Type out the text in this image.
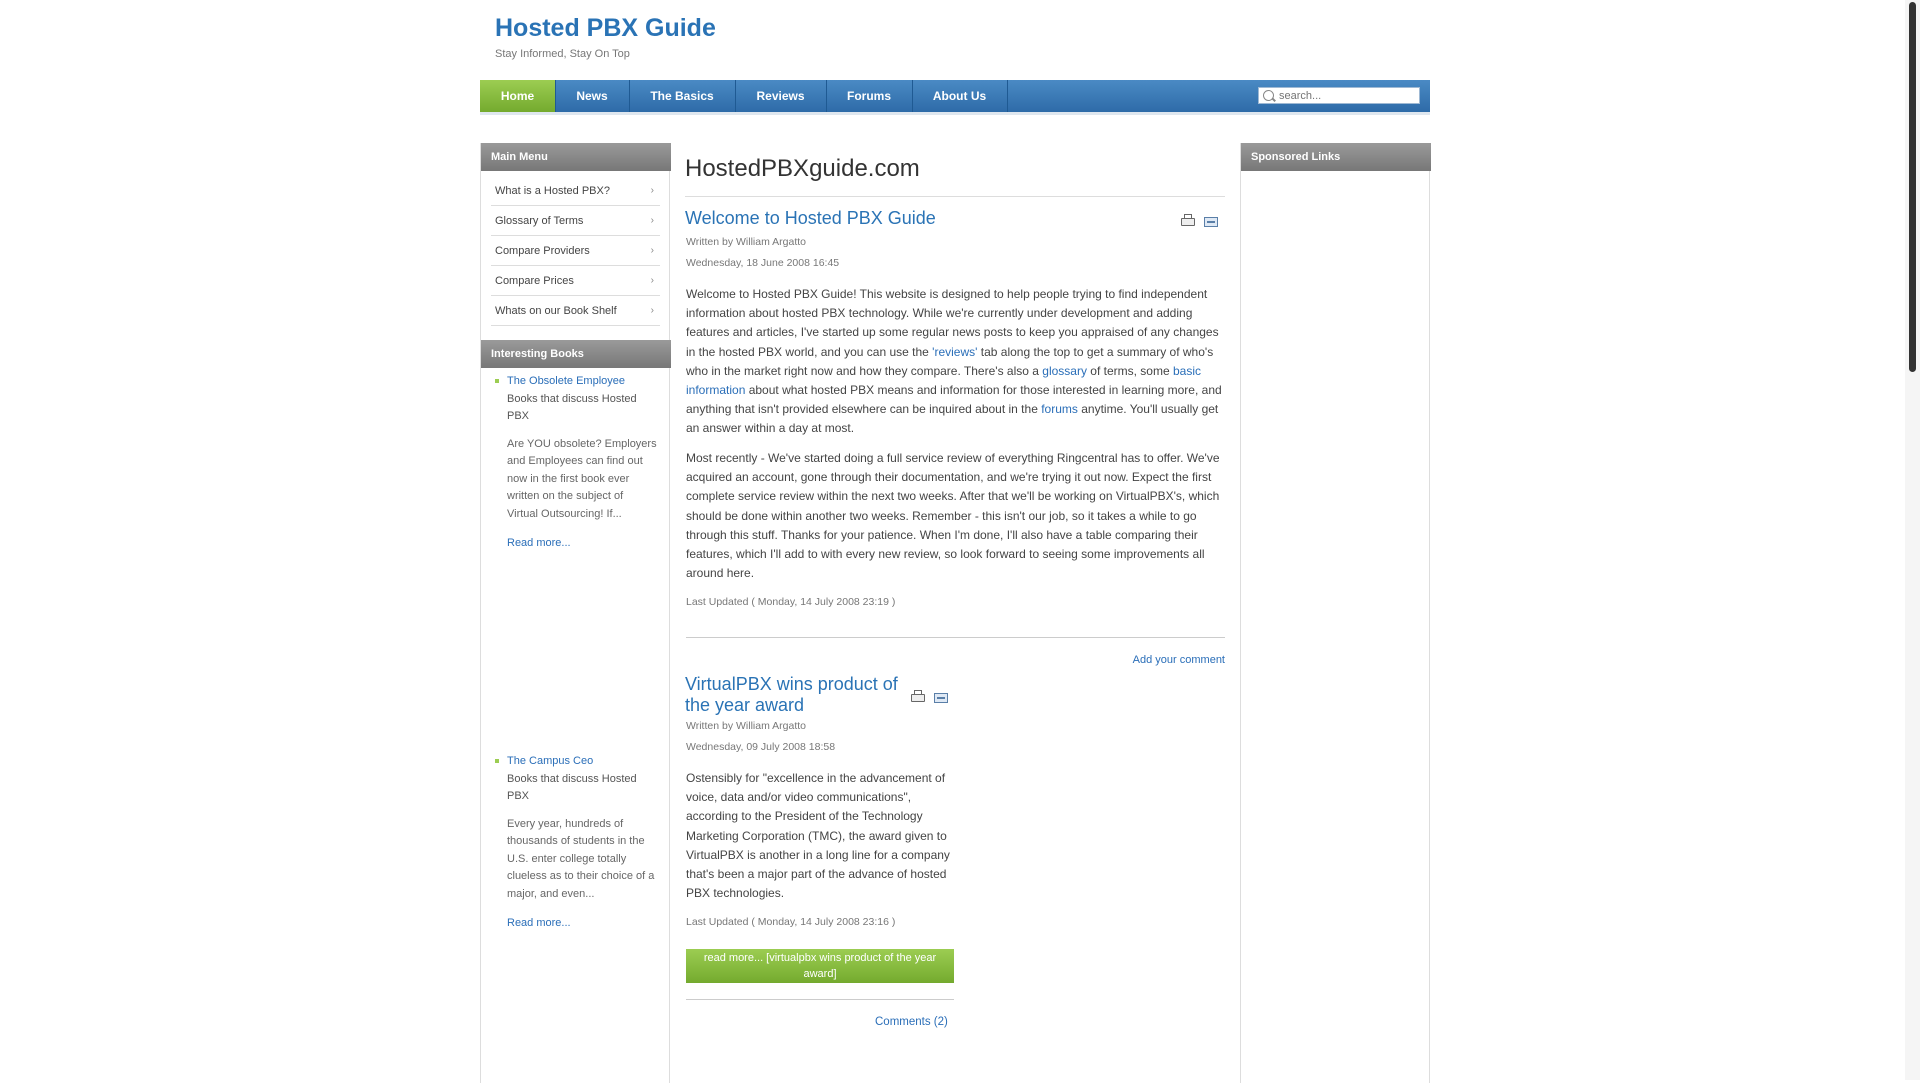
Hosted PBX Guide
Stay Informed, Stay On Top
Home	News	The Basics	Reviews	Forums	About Us
search...
Main Menu
What is a Hosted PBX?	›
Glossary of Terms	›
Compare Providers	›
Compare Prices	›
Whats on our Book Shelf	›
Interesting Books
The Obsolete Employee
Books that discuss Hosted PBX
Are YOU obsolete? Employers and Employees can find out now in the first book ever written on the subject of Virtual Outsourcing! If...
Read more...
The Campus Ceo
Books that discuss Hosted PBX
Every year, hundreds of thousands of students in the U.S. enter college totally clueless as to their choice of a major, and even...
Read more...
HostedPBXguide.com
Welcome to Hosted PBX Guide
Written by William Argatto
Wednesday, 18 June 2008 16:45
Welcome to Hosted PBX Guide! This website is designed to help people trying to find independent information about hosted PBX technology. While we're currently under development and adding features and articles, I've started up some regular news posts to keep you appraised of any changes in the hosted PBX world, and you can use the 'reviews' tab along the top to get a summary of who's who in the market right now and how they compare. There's also a glossary of terms, some basic information about what hosted PBX means and information for those interested in learning more, and anything that isn't provided elsewhere can be inquired about in the forums anytime. You'll usually get an answer within a day at most.
Most recently - We've started doing a full service review of everything Ringcentral has to offer. We've acquired an account, gone through their documentation, and we're trying it out now. Expect the first complete service review within the next two weeks. After that we'll be working on VirtualPBX's, which should be done within another two weeks. Remember - this isn't our job, so it takes a while to go through this stuff. Thanks for your patience. When I'm done, I'll also have a table comparing their features, which I'll add to with every new review, so look forward to seeing some improvements all around here.
Last Updated ( Monday, 14 July 2008 23:19 )
Add your comment
VirtualPBX wins product of the year award
Written by William Argatto
Wednesday, 09 July 2008 18:58
Ostensibly for "excellence in the advancement of voice, data and/or video communications", according to the President of the Technology Marketing Corporation (TMC), the award given to VirtualPBX is another in a long line for a company that's been a major part of the advance of hosted PBX technologies.
Last Updated ( Monday, 14 July 2008 23:16 )
read more... [virtualpbx wins product of the year award]
Comments (2)
Sponsored Links
